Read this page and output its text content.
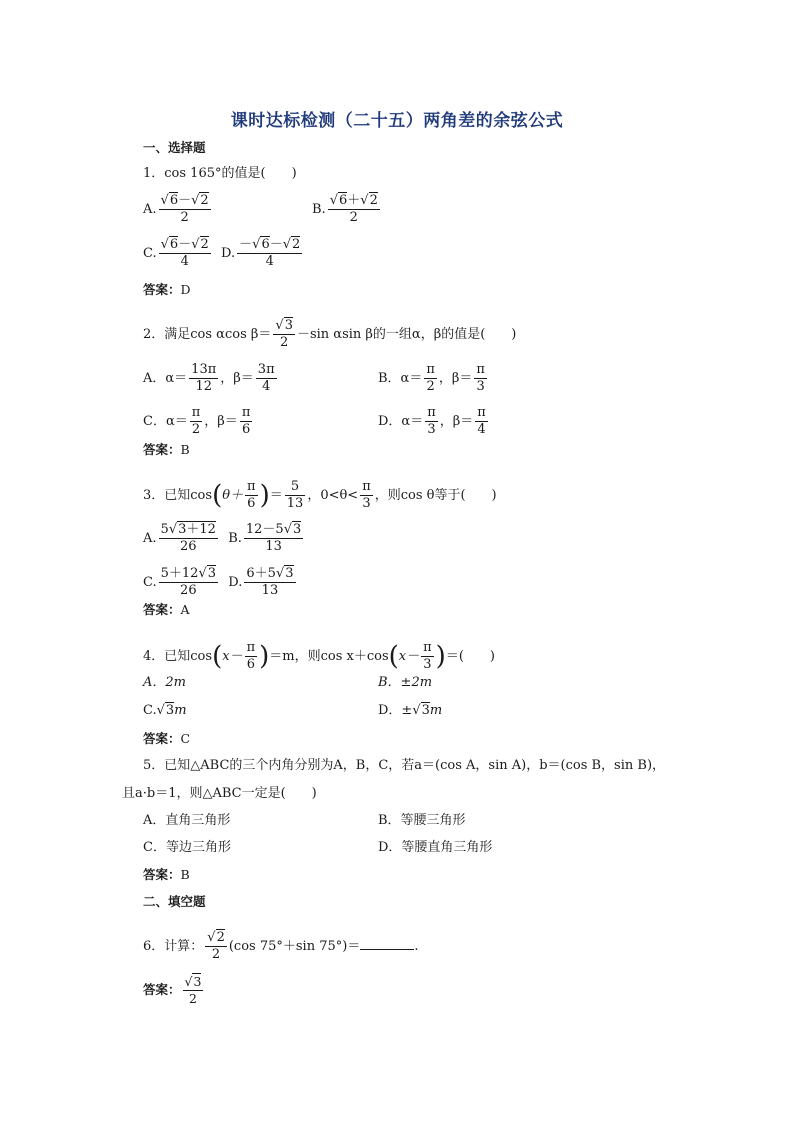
课时达标检测（二十五）两角差的余弦公式
一、选择题
1．cos 165°的值是(　　)
A. $\frac{√6-√2}{2}$	B. $\frac{√6+√2}{2}$
C. $\frac{√6-√2}{4} D$. $\frac{-√6-√2}{4}$
答案：D
2．满足cos αcos $\beta= \frac{√3}{2} -\sin$ αsin β的一组α，β的值是(　　)
A．$\alpha= \frac{13\pi}{12}$ ，$\beta= \frac{3\pi}{4}$	B．$\alpha= \frac{\pi}{2}$ ，$\beta= \frac{\pi}{3}$
C．$\alpha= \frac{\pi}{2}$ ，$\beta= \frac{\pi}{6}$	D．$\alpha= \frac{\pi}{3}$ ，$\beta= \frac{\pi}{4}$
答案：B
3．已知$\cos(\theta+ \frac{\pi}{6}$ )＝ $\frac{5}{13}$ ，$0<\theta< \frac{\pi}{3}$ ，则cos θ等于(　　)
A. $\frac{5√3+12}{26} B$. $\frac{12-5√3}{13}$
C. $\frac{5+12√3}{26} D$. $\frac{6+5√3}{13}$
答案：A
4．已知$\cos(x- \frac{\pi}{6} )=m$，则$\cos x+\cos(x- \frac{\pi}{3}$ )＝(　　)
A．2m	B．±2m
C.√3m	D．±√3m
答案：C
5．已知△ABC的三个内角分别为A，B，C，若a＝(cos A，sin A)，b＝(cos B，sin B)，
且a·b＝1，则△ABC一定是(　　)
A．直角三角形	B．等腰三角形
C．等边三角形	D．等腰直角三角形
答案：B
二、填空题
6．计算： $\frac{√2}{2} (\cos$ 75°＋sin 75°)＝	.
答案： $\frac{√3}{2}$
